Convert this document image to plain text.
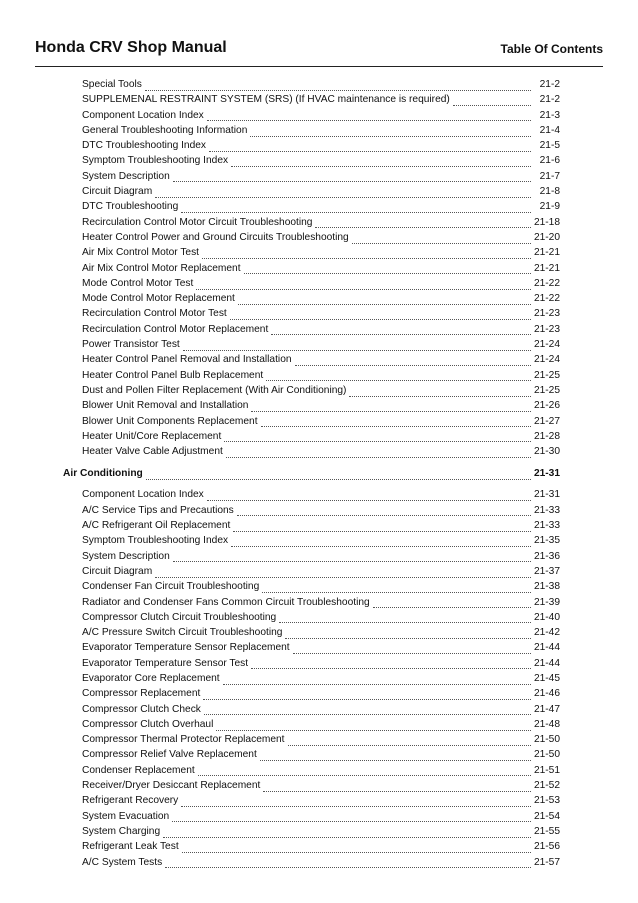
Honda CRV Shop Manual	Table Of Contents
Special Tools	21-2
SUPPLEMENAL RESTRAINT SYSTEM (SRS) (If HVAC maintenance is required)	21-2
Component Location Index	21-3
General Troubleshooting Information	21-4
DTC Troubleshooting Index	21-5
Symptom Troubleshooting Index	21-6
System Description	21-7
Circuit Diagram	21-8
DTC Troubleshooting	21-9
Recirculation Control Motor Circuit Troubleshooting	21-18
Heater Control Power and Ground Circuits Troubleshooting	21-20
Air Mix Control Motor Test	21-21
Air Mix Control Motor Replacement	21-21
Mode Control Motor Test	21-22
Mode Control Motor Replacement	21-22
Recirculation Control Motor Test	21-23
Recirculation Control Motor Replacement	21-23
Power Transistor Test	21-24
Heater Control Panel Removal and Installation	21-24
Heater Control Panel Bulb Replacement	21-25
Dust and Pollen Filter Replacement (With Air Conditioning)	21-25
Blower Unit Removal and Installation	21-26
Blower Unit Components Replacement	21-27
Heater Unit/Core Replacement	21-28
Heater Valve Cable Adjustment	21-30
Air Conditioning	21-31
Component Location Index	21-31
A/C Service Tips and Precautions	21-33
A/C Refrigerant Oil Replacement	21-33
Symptom Troubleshooting Index	21-35
System Description	21-36
Circuit Diagram	21-37
Condenser Fan Circuit Troubleshooting	21-38
Radiator and Condenser Fans Common Circuit Troubleshooting	21-39
Compressor Clutch Circuit Troubleshooting	21-40
A/C Pressure Switch Circuit Troubleshooting	21-42
Evaporator Temperature Sensor Replacement	21-44
Evaporator Temperature Sensor Test	21-44
Evaporator Core Replacement	21-45
Compressor Replacement	21-46
Compressor Clutch Check	21-47
Compressor Clutch Overhaul	21-48
Compressor Thermal Protector Replacement	21-50
Compressor Relief Valve Replacement	21-50
Condenser Replacement	21-51
Receiver/Dryer Desiccant Replacement	21-52
Refrigerant Recovery	21-53
System Evacuation	21-54
System Charging	21-55
Refrigerant Leak Test	21-56
A/C System Tests	21-57
